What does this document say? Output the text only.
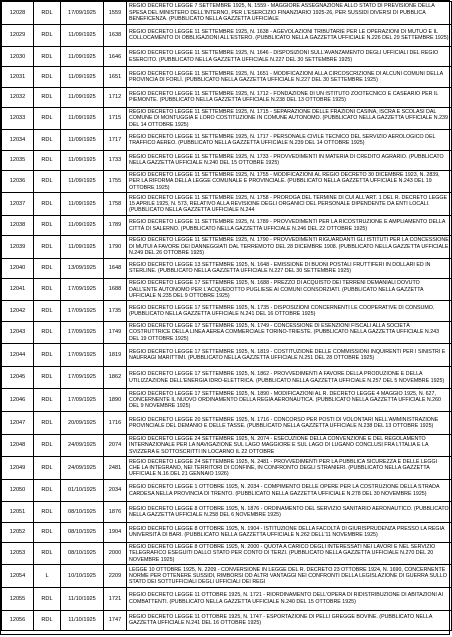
12028	RDL	17/09/1925	1559	REGIO DECRETO LEGGE 7 SETTEMBRE 1925, N. 1559 - MAGGIORE ASSEGNAZIONE ALLO STATO DI PREVISIONE DELLA SPESA DEL MINISTERO DELL'INTERNO, PER L'ESERCIZIO FINANZIARIO 1925-26, PER SUSSIDI DIVERSI DI PUBBLICA BENEFICENZA. (PUBBLICATO NELLA GAZZETTA UFFICIALE
12029	RDL	11/09/1925	1638	REGIO DECRETO LEGGE 11 SETTEMBRE 1925, N. 1638 - AGEVOLAZIONI TRIBUTARIE PER LE OPERAZIONI DI MUTUO E IL COLLOCAMENTO DI OBBLIGAZIONI ALL'ESTERO. (PUBBLICATO NELLA GAZZETTA UFFICIALE N.226 DEL 29 SETTEMBRE 1925)
12030	RDL	11/09/1925	1646	REGIO DECRETO LEGGE 11 SETTEMBRE 1925, N. 1646 - DISPOSIZIONI SULL'AVANZAMENTO DEGLI UFFICIALI DEL REGIO ESERCITO. (PUBBLICATO NELLA GAZZETTA UFFICIALE N.227 DEL 30 SETTEMBRE 1925)
12031	RDL	11/09/1925	1651	REGIO DECRETO LEGGE 11 SETTEMBRE 1925, N. 1651 - MODIFICAZIONI ALLA CIRCOSCRIZIONE DI ALCUNI COMUNI DELLA PROVINCIA DI FORLÌ. (PUBBLICATO NELLA GAZZETTA UFFICIALE N.227 DEL 30 SETTEMBRE 1925)
12032	RDL	11/09/1925	1712	REGIO DECRETO LEGGE 11 SETTEMBRE 1925, N. 1712 - FONDAZIONE DI UN ISTITUTO ZOOTECNICO E CASEARIO PER IL PIEMONTE. (PUBBLICATO NELLA GAZZETTA UFFICIALE N.238 DEL 13 OTTOBRE 1925)
12033	RDL	11/09/1925	1715	REGIO DECRETO LEGGE 11 SETTEMBRE 1925, N. 1715 - SEPARAZIONE DELLE FRAZIONI CASINA, ISCRA E SCOLASI DAL COMUNE DI MONTUGGIA E LORO COSTITUZIONE IN COMUNE AUTONOMO. (PUBBLICATO NELLA GAZZETTA UFFICIALE N.239 DEL 14 OTTOBRE 1925)
12034	RDL	11/09/1925	1717	REGIO DECRETO LEGGE 11 SETTEMBRE 1925, N. 1717 - PERSONALE CIVILE TECNICO DEL SERVIZIO AEROLOGICO DEL TRAFFICO AEREO. (PUBBLICATO NELLA GAZZETTA UFFICIALE N.239 DEL 14 OTTOBRE 1925)
12035	RDL	11/09/1925	1733	REGIO DECRETO LEGGE 11 SETTEMBRE 1925, N. 1733 - PROVVEDIMENTI IN MATERIA DI CREDITO AGRARIO. (PUBBLICATO NELLA GAZZETTA UFFICIALE N.240 DEL 15 OTTOBRE 1925)
12036	RDL	11/09/1925	1755	REGIO DECRETO LEGGE 11 SETTEMBRE 1925, N. 1755 - MODIFICAZIONI AL REGIO DECRETO 30 DICEMBRE 1923, N. 2839, PER LA RIFORMA DELLA LEGGE COMUNALE E PROVINCIALE. (PUBBLICATO NELLA GAZZETTA UFFICIALE N.243 DEL 19 OTTOBRE 1925)
12037	RDL	11/09/1925	1758	REGIO DECRETO LEGGE 11 SETTEMBRE 1925, N. 1758 - PROROGA DEL TERMINE DI CUI ALL'ART. 1 DEL R. DECRETO LEGGE 15 APRILE 1925, N. 573, RELATIVO ALLA REVISIONE DEGLI ORGANICI DEL PERSONALE DIPENDENTE DA ENTI LOCALI. (PUBBLICATO NELLA GAZZETTA UFFICIALE N.244
12038	RDL	11/09/1925	1789	REGIO DECRETO LEGGE 11 SETTEMBRE 1925, N. 1789 - PROVVEDIMENTI PER LA RICOSTRUZIONE E AMPLIAMENTO DELLA CITTÀ DI SALERNO. (PUBBLICATO NELLA GAZZETTA UFFICIALE N.246 DEL 22 OTTOBRE 1925)
12039	RDL	11/09/1925	1790	REGIO DECRETO LEGGE 11 SETTEMBRE 1925, N. 1790 - PROVVEDIMENTI RIGUARDANTI GLI ISTITUTI PER LA CONCESSIONE DI MUTUI A FAVORE DEI DANNEGGIATI DAL TERREMOTO DEL 28 DICEMBRE 1908. (PUBBLICATO NELLA GAZZETTA UFFICIALE N.249 DEL 26 OTTOBRE 1925)
12040	RDL	13/09/1925	1648	REGIO DECRETO LEGGE 13 SETTEMBRE 1925, N. 1648 - EMISSIONE DI BUONI POSTALI FRUTTIFERI IN DOLLARI ED IN STERLINE. (PUBBLICATO NELLA GAZZETTA UFFICIALE N.227 DEL 30 SETTEMBRE 1925)
12041	RDL	17/09/1925	1688	REGIO DECRETO LEGGE 17 SETTEMBRE 1925, N. 1688 - PREZZO DI ACQUISTO DEI TERRENI DEMANIALI DOVUTO DALL'ENTE AUTONOMO PER L'ACQUEDOTTO PUGLIESE AI COMUNI CONSORZIATI. (PUBBLICATO NELLA GAZZETTA UFFICIALE N.235 DEL 9 OTTOBRE 1925)
12042	RDL	17/09/1925	1735	REGIO DECRETO LEGGE 17 SETTEMBRE 1925, N. 1735 - DISPOSIZIONI CONCERNENTI LE COOPERATIVE DI CONSUMO. (PUBBLICATO NELLA GAZZETTA UFFICIALE N.241 DEL 16 OTTOBRE 1925)
12043	RDL	17/09/1925	1749	REGIO DECRETO LEGGE 17 SETTEMBRE 1925, N. 1749 - CONCESSIONE DI ESENZIONI FISCALI ALLA SOCIETÀ COSTRUTTRICE DELLA LINEA AEREA COMMERCIALE TORINO-TRIESTE. (PUBBLICATO NELLA GAZZETTA UFFICIALE N.243 DEL 19 OTTOBRE 1925)
12044	RDL	17/09/1925	1819	REGIO DECRETO LEGGE 17 SETTEMBRE 1925, N. 1819 - COSTITUZIONE DELLE COMMISSIONI INQUIRENTI PER I SINISTRI E NAUFRAGI MARITTIMI. (PUBBLICATO NELLA GAZZETTA UFFICIALE N.251 DEL 28 OTTOBRE 1925)
12045	RDL	17/09/1925	1862	REGIO DECRETO LEGGE 17 SETTEMBRE 1925, N. 1862 - PROVVEDIMENTI A FAVORE DELLA PRODUZIONE E DELLA UTILIZZAZIONE DELL'ENERGIA IDRO-ELETTRICA. (PUBBLICATO NELLA GAZZETTA UFFICIALE N.257 DEL 5 NOVEMBRE 1925)
12046	RDL	17/09/1925	1890	REGIO DECRETO LEGGE 17 SETTEMBRE 1925, N. 1890 - MODIFICAZIONI AL R. DECRETO LEGGE 4 MAGGIO 1925, N. 627, CONCERNENTE IL NUOVO ORDINAMENTO DELLA REGIA AERONAUTICA. (PUBBLICATO NELLA GAZZETTA UFFICIALE N.260 DEL 9 NOVEMBRE 1925)
12047	RDL	20/09/1925	1716	REGIO DECRETO LEGGE 20 SETTEMBRE 1925, N. 1716 - CONCORSO PER POSTI DI VOLONTARI NELL'AMMINISTRAZIONE PROVINCIALE DEL DEMANIO E DELLE TASSE. (PUBBLICATO NELLA GAZZETTA UFFICIALE N.238 DEL 13 OTTOBRE 1925)
12048	RDL	24/09/1925	2074	REGIO DECRETO LEGGE 24 SETTEMBRE 1925, N. 2074 - ESECUZIONE DELLA CONVENZIONE E DEL REGOLAMENTO INTERNAZIONALE PER LA NAVIGAZIONE SUL LAGO MAGGIORE E SUL LAGO DI LUGANO CONCLUSI FRA L'ITALIA E LA SVIZZERA E SOTTOSCRITTI IN LOCARNO IL 22 OTTOBRE
12049	RDL	24/09/1925	2481	REGIO DECRETO LEGGE 24 SETTEMBRE 1925, N. 2481 - PROVVEDIMENTI PER LA PUBBLICA SICUREZZA E DELLE LEGGI CHE LA INTEGRANO, NEI TERRITORI DI CONFINE, IN CONFRONTO DEGLI STRANIERI. (PUBBLICATO NELLA GAZZETTA UFFICIALE N.16 DEL 21 GENNAIO 1926)
12050	RDL	01/10/1925	2034	REGIO DECRETO LEGGE 1 OTTOBRE 1925, N. 2034 - COMPIMENTO DELLE OPERE PER LA COSTRUZIONE DELLA STRADA CARDESA NELLA PROVINCIA DI TRENTO. (PUBBLICATO NELLA GAZZETTA UFFICIALE N.278 DEL 30 NOVEMBRE 1925)
12051	RDL	08/10/1925	1876	REGIO DECRETO LEGGE 8 OTTOBRE 1925, N. 1876 - ORDINAMENTO DEL SERVIZIO SANITARIO AERONAUTICO. (PUBBLICATO NELLA GAZZETTA UFFICIALE N.258 DEL 6 NOVEMBRE 1925)
12052	RDL	08/10/1925	1904	REGIO DECRETO LEGGE 8 OTTOBRE 1925, N. 1904 - ISTITUZIONE DELLA FACOLTÀ DI GIURISPRUDENZA PRESSO LA REGIA UNIVERSITÀ DI BARI. (PUBBLICATO NELLA GAZZETTA UFFICIALE N.262 DELL'11 NOVEMBRE 1925)
12053	RDL	08/10/1925	2000	REGIO DECRETO LEGGE 8 OTTOBRE 1925, N. 2000 - QUOTA A CARICO DEGLI INTERESSATI NEI LAVORI E NEL SERVIZIO TELEGRAFICO ESEGUITI DALLO STATO PER CONTO DI TERZI. (PUBBLICATO NELLA GAZZETTA UFFICIALE N.270 DEL 20 NOVEMBRE 1925)
12054	L	10/10/1925	2209	LEGGE 10 OTTOBRE 1925, N. 2209 - CONVERSIONE IN LEGGE DEL R. DECRETO 23 OTTOBRE 1924, N. 1690, CONCERNENTE NORME PER OTTENERE SUSSIDI, RIMBORSI OD ALTRI VANTAGGI NEI CONFRONTI DELLA LEGISLAZIONE DI GUERRA SULLO STATO DEI SOTTUFFICIALI DEGLI UFFICIALI DEI REGI
12055	RDL	11/10/1925	1721	REGIO DECRETO LEGGE 11 OTTOBRE 1925, N. 1721 - RIORDINAMENTO DELL'OPERA DI RIDISTRIBUZIONE DI ABITAZIONI AI COMBATTENTI. (PUBBLICATO NELLA GAZZETTA UFFICIALE N.240 DEL 15 OTTOBRE 1925)
12056	RDL	11/10/1925	1747	REGIO DECRETO LEGGE 11 OTTOBRE 1925, N. 1747 - ESPORTAZIONE DI PELLI GREGGE BOVINE. (PUBBLICATO NELLA GAZZETTA UFFICIALE N.241 DEL 16 OTTOBRE 1925)
